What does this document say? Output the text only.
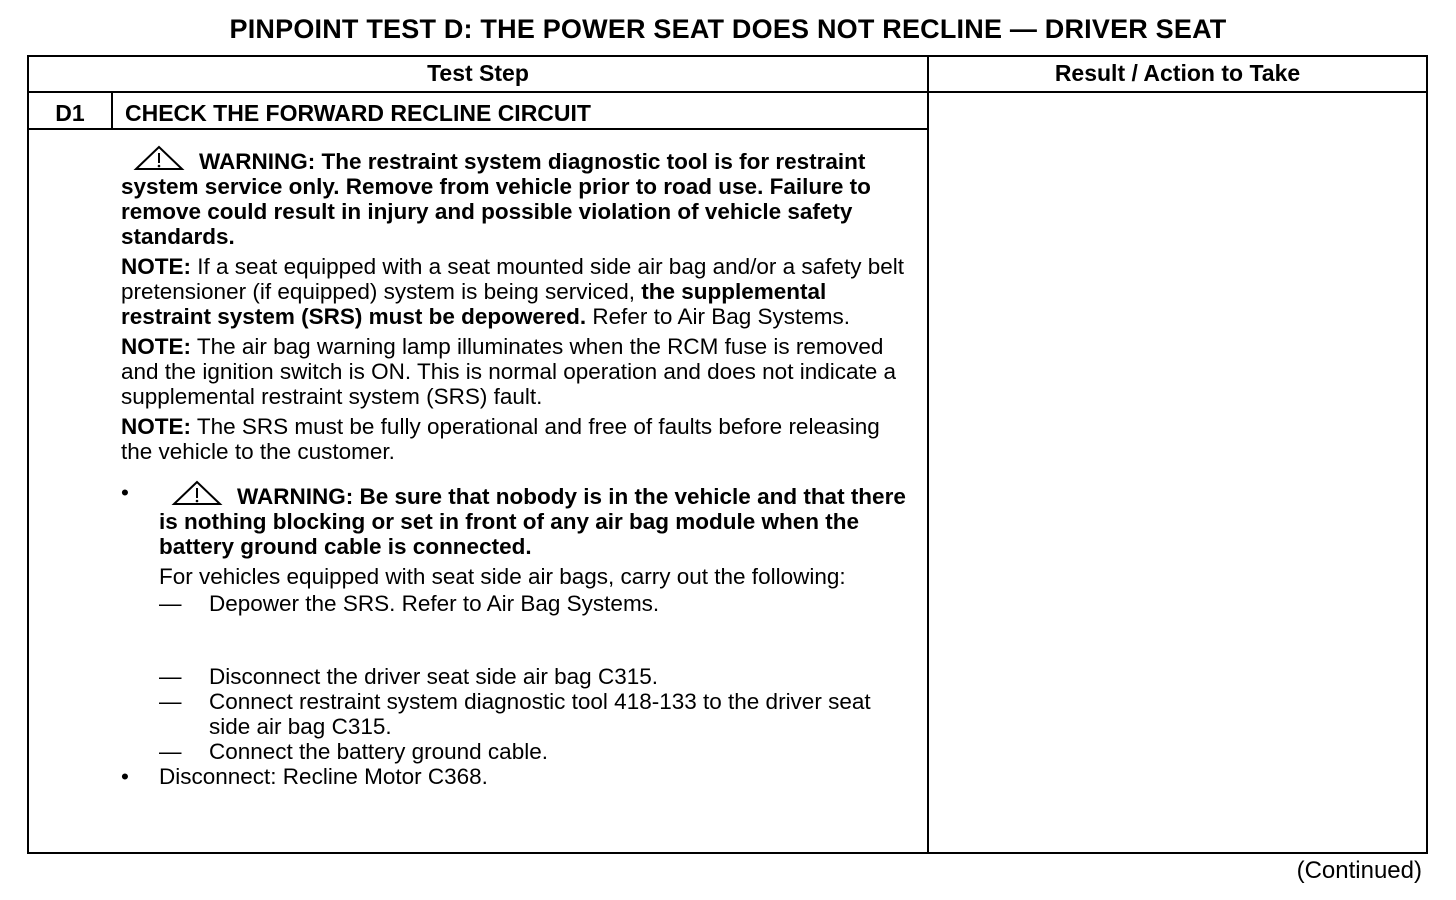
PINPOINT TEST D: THE POWER SEAT DOES NOT RECLINE — DRIVER SEAT
Test Step	Result / Action to Take
D1	CHECK THE FORWARD RECLINE CIRCUIT

WARNING: The restraint system diagnostic tool is for restraint system service only. Remove from vehicle prior to road use. Failure to remove could result in injury and possible violation of vehicle safety standards.

NOTE: If a seat equipped with a seat mounted side air bag and/or a safety belt pretensioner (if equipped) system is being serviced, the supplemental restraint system (SRS) must be depowered. Refer to Air Bag Systems.

NOTE: The air bag warning lamp illuminates when the RCM fuse is removed and the ignition switch is ON. This is normal operation and does not indicate a supplemental restraint system (SRS) fault.

NOTE: The SRS must be fully operational and free of faults before releasing the vehicle to the customer.

•	WARNING: Be sure that nobody is in the vehicle and that there is nothing blocking or set in front of any air bag module when the battery ground cable is connected.

For vehicles equipped with seat side air bags, carry out the following:

— Depower the SRS. Refer to Air Bag Systems.
— Disconnect the driver seat side air bag C315.
— Connect restraint system diagnostic tool 418-133 to the driver seat side air bag C315.
— Connect the battery ground cable.
• Disconnect: Recline Motor C368.
(Continued)
